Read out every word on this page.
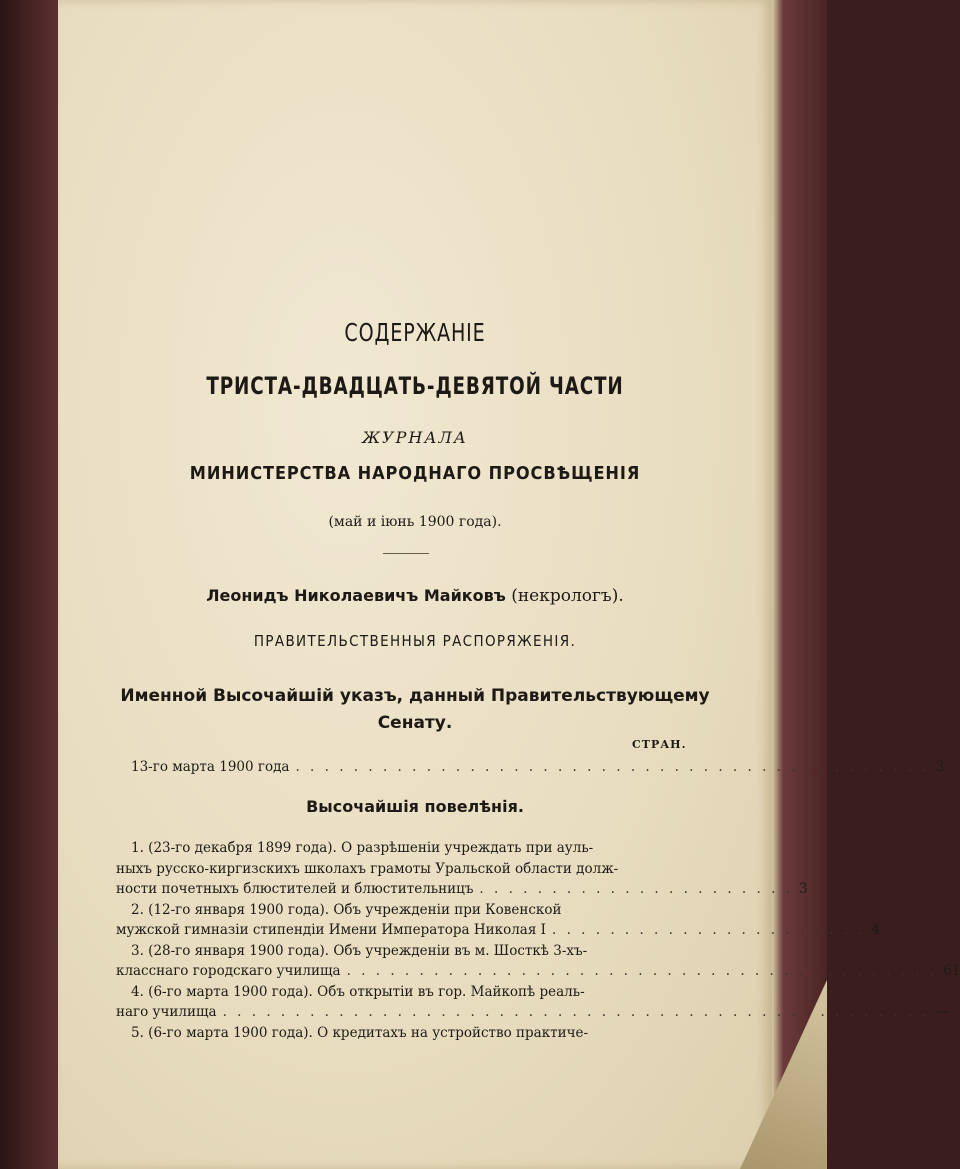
СОДЕРЖАНІЕ
ТРИСТА-ДВАДЦАТЬ-ДЕВЯТОЙ ЧАСТИ
ЖУРНАЛА
МИНИСТЕРСТВА НАРОДНАГО ПРОСВѢЩЕНІЯ
(май и іюнь 1900 года).
Леонидъ Николаевичъ Майковъ (некрологъ).
ПРАВИТЕЛЬСТВЕННЫЯ РАСПОРЯЖЕНІЯ.
Именной Высочайшій указъ, данный Правительствующему
Сенату.
СТРАН.
13-го марта 1900 года . . . . . . . . . . . . . . . . . . . . . . . . . . . . . . . . . . . . . . . . . . . . 3
Высочайшія повелѣнія.
1. (23-го декабря 1899 года). О разрѣшеніи учреждать при ауль-
ныхъ русско-киргизскихъ школахъ грамоты Уральской области долж-
ности почетныхъ блюстителей и блюстительницъ . . . . . . . . . . . . . . . . . . . . . . 3
2. (12-го января 1900 года). Объ учрежденіи при Ковенской
мужской гимназіи стипендіи Имени Императора Николая I . . . . . . . . . . . . . . . . . . . . . . 4
3. (28-го января 1900 года). Объ учрежденіи въ м. Шосткѣ 3-хъ-
класснаго городскаго училища . . . . . . . . . . . . . . . . . . . . . . . . . . . . . . . . . . . . . . . . . 61
4. (6-го марта 1900 года). Объ открытіи въ гор. Майкопѣ реаль-
наго училища . . . . . . . . . . . . . . . . . . . . . . . . . . . . . . . . . . . . . . . . . . . . . . . . . —
5. (6-го марта 1900 года). О кредитахъ на устройство практиче-
